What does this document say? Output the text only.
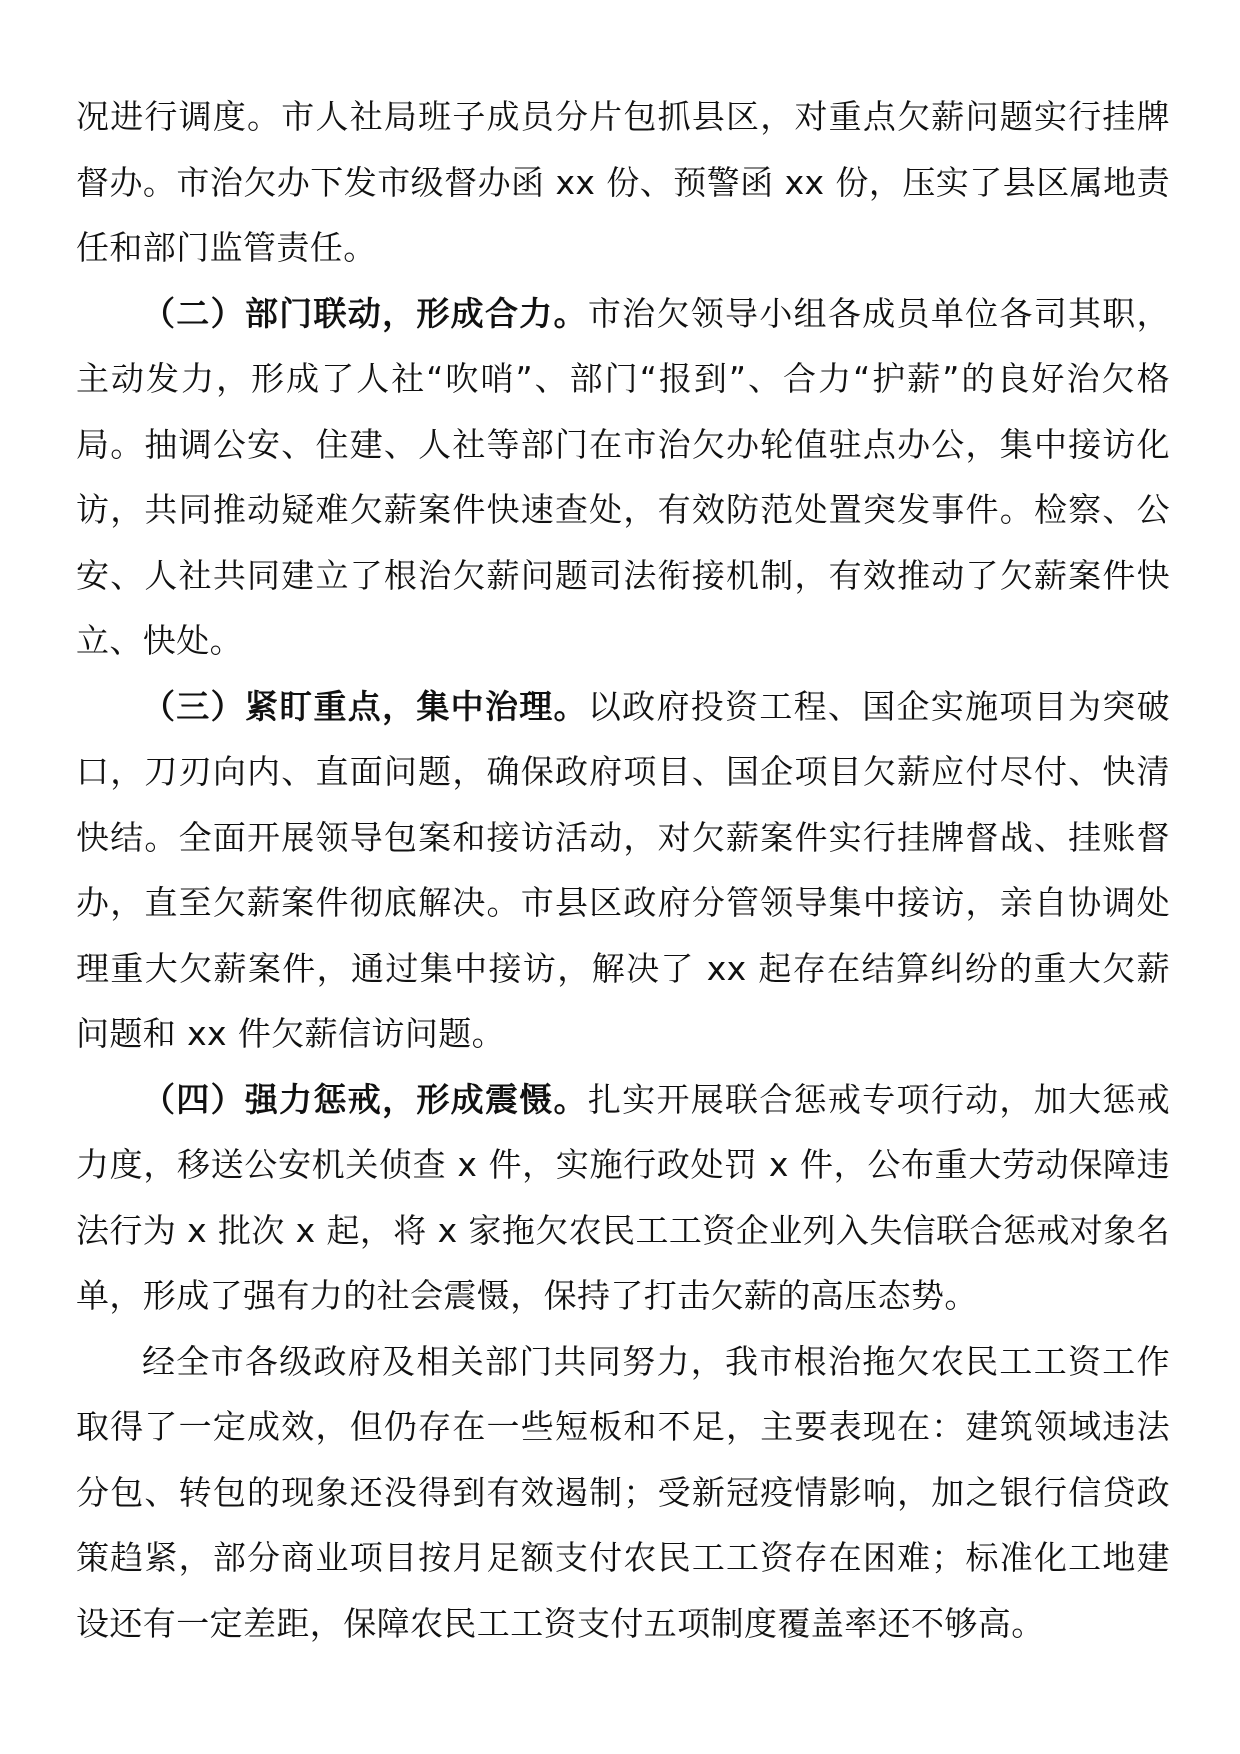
况进行调度。市人社局班子成员分片包抓县区，对重点欠薪问题实行挂牌督办。市治欠办下发市级督办函 xx 份、预警函 xx 份，压实了县区属地责任和部门监管责任。

（二）部门联动，形成合力。市治欠领导小组各成员单位各司其职，主动发力，形成了人社“吹哨”、部门“报到”、合力“护薪”的良好治欠格局。抽调公安、住建、人社等部门在市治欠办轮值驻点办公，集中接访化访，共同推动疑难欠薪案件快速查处，有效防范处置突发事件。检察、公安、人社共同建立了根治欠薪问题司法衔接机制，有效推动了欠薪案件快立、快处。

（三）紧盯重点，集中治理。以政府投资工程、国企实施项目为突破口，刀刃向内、直面问题，确保政府项目、国企项目欠薪应付尽付、快清快结。全面开展领导包案和接访活动，对欠薪案件实行挂牌督战、挂账督办，直至欠薪案件彻底解决。市县区政府分管领导集中接访，亲自协调处理重大欠薪案件，通过集中接访，解决了 xx 起存在结算纠纷的重大欠薪问题和 xx 件欠薪信访问题。

（四）强力惩戒，形成震慑。扎实开展联合惩戒专项行动，加大惩戒力度，移送公安机关侦查 x 件，实施行政处罚 x 件，公布重大劳动保障违法行为 x 批次 x 起，将 x 家拖欠农民工工资企业列入失信联合惩戒对象名单，形成了强有力的社会震慑，保持了打击欠薪的高压态势。

经全市各级政府及相关部门共同努力，我市根治拖欠农民工工资工作取得了一定成效，但仍存在一些短板和不足，主要表现在：建筑领域违法分包、转包的现象还没得到有效遏制；受新冠疫情影响，加之银行信贷政策趋紧，部分商业项目按月足额支付农民工工资存在困难；标准化工地建设还有一定差距，保障农民工工资支付五项制度覆盖率还不够高。
